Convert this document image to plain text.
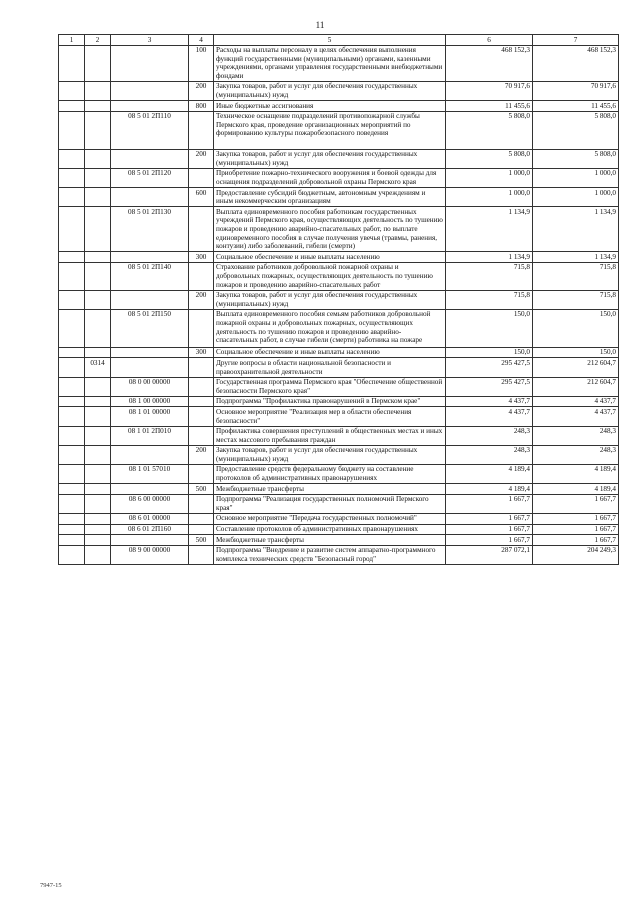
11
1	2	3	4	5	6	7
			100	Расходы на выплаты персоналу в целях обеспечения выполнения функций государственными (муниципальными) органами, казенными учреждениями, органами управления государственными внебюджетными фондами	468 152,3	468 152,3
			200	Закупка товаров, работ и услуг для обеспечения государственных (муниципальных) нужд	70 917,6	70 917,6
			800	Иные бюджетные ассигнования	11 455,6	11 455,6
		08 5 01 2П110		Техническое оснащение подразделений противопожарной службы Пермского края, проведение организационных мероприятий по формированию культуры пожаробезопасного поведения	5 808,0	5 808,0
			200	Закупка товаров, работ и услуг для обеспечения государственных (муниципальных) нужд	5 808,0	5 808,0
		08 5 01 2П120		Приобретение пожарно-технического вооружения и боевой одежды для оснащения подразделений добровольной охраны Пермского края	1 000,0	1 000,0
			600	Предоставление субсидий бюджетным, автономным учреждениям и иным некоммерческим организациям	1 000,0	1 000,0
		08 5 01 2П130		Выплата единовременного пособия работникам государственных учреждений Пермского края, осуществляющих деятельность по тушению пожаров и проведению аварийно-спасательных работ, по выплате единовременного пособия в случае получения увечья (травмы, ранения, контузии) либо заболеваний, гибели (смерти)	1 134,9	1 134,9
			300	Социальное обеспечение и иные выплаты населению	1 134,9	1 134,9
		08 5 01 2П140		Страхование работников добровольной пожарной охраны и добровольных пожарных, осуществляющих деятельность по тушению пожаров и проведению аварийно-спасательных работ	715,8	715,8
			200	Закупка товаров, работ и услуг для обеспечения государственных (муниципальных) нужд	715,8	715,8
		08 5 01 2П150		Выплата единовременного пособия семьям работников добровольной пожарной охраны и добровольных пожарных, осуществляющих деятельность по тушению пожаров и проведению аварийно-спасательных работ, в случае гибели (смерти) работника на пожаре	150,0	150,0
			300	Социальное обеспечение и иные выплаты населению	150,0	150,0
	0314			Другие вопросы в области национальной безопасности и правоохранительной деятельности	295 427,5	212 604,7
		08 0 00 00000		Государственная программа Пермского края "Обеспечение общественной безопасности Пермского края"	295 427,5	212 604,7
		08 1 00 00000		Подпрограмма "Профилактика правонарушений в Пермском крае"	4 437,7	4 437,7
		08 1 01 00000		Основное мероприятие "Реализация мер в области обеспечения безопасности"	4 437,7	4 437,7
		08 1 01 2П010		Профилактика совершения преступлений в общественных местах и иных местах массового пребывания граждан	248,3	248,3
			200	Закупка товаров, работ и услуг для обеспечения государственных (муниципальных) нужд	248,3	248,3
		08 1 01 57010		Предоставление средств федеральному бюджету на составление протоколов об административных правонарушениях	4 189,4	4 189,4
			500	Межбюджетные трансферты	4 189,4	4 189,4
		08 6 00 00000		Подпрограмма "Реализация государственных полномочий Пермского края"	1 667,7	1 667,7
		08 6 01 00000		Основное мероприятие "Передача государственных полномочий"	1 667,7	1 667,7
		08 6 01 2П160		Составление протоколов об административных правонарушениях	1 667,7	1 667,7
			500	Межбюджетные трансферты	1 667,7	1 667,7
		08 9 00 00000		Подпрограмма "Внедрение и развитие систем аппаратно-программного комплекса технических средств "Безопасный город"	287 072,1	204 249,3
7947-15
